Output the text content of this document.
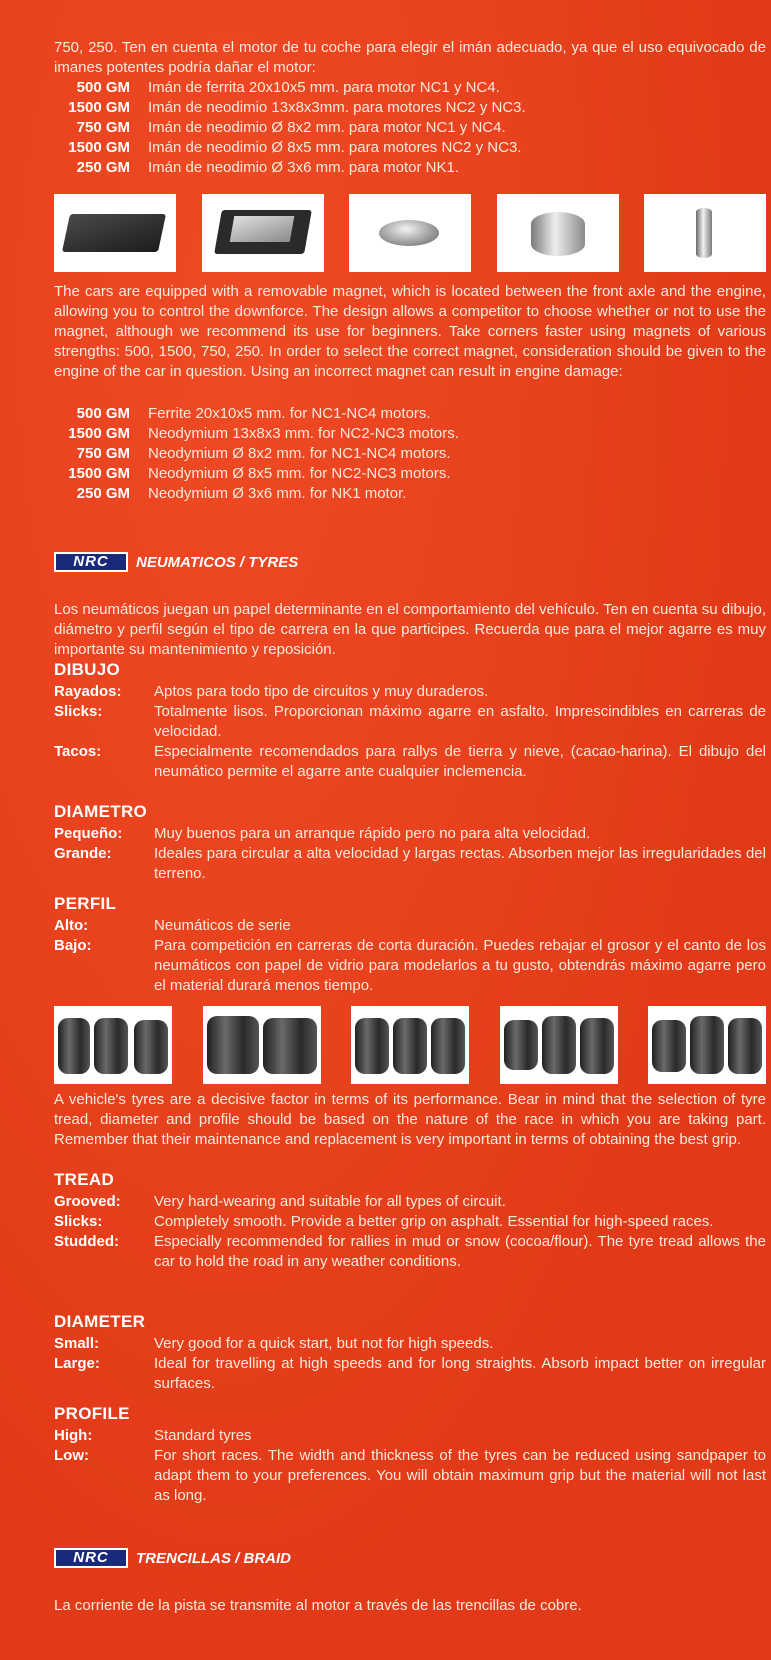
750, 250. Ten en cuenta el motor de tu coche para elegir el imán adecuado, ya que el uso equivocado de imanes potentes podría dañar el motor:

500 GM	Imán de ferrita 20x10x5 mm. para motor NC1 y NC4.
1500 GM	Imán de neodimio 13x8x3mm. para motores NC2 y NC3.
750 GM	Imán de neodimio Ø 8x2 mm. para motor NC1 y NC4.
1500 GM	Imán de neodimio Ø 8x5 mm. para motores NC2 y NC3.
250 GM	Imán de neodimio Ø 3x6 mm. para motor NK1.

The cars are equipped with a removable magnet, which is located between the front axle and the engine, allowing you to control the downforce. The design allows a competitor to choose whether or not to use the magnet, although we recommend its use for beginners. Take corners faster using magnets of various strengths: 500, 1500, 750, 250. In order to select the correct magnet, consideration should be given to the engine of the car in question. Using an incorrect magnet can result in engine damage:

500 GM	Ferrite 20x10x5 mm. for NC1-NC4 motors.
1500 GM	Neodymium 13x8x3 mm. for NC2-NC3 motors.
750 GM	Neodymium Ø 8x2 mm. for NC1-NC4 motors.
1500 GM	Neodymium Ø 8x5 mm. for NC2-NC3 motors.
250 GM	Neodymium Ø 3x6 mm. for NK1 motor.
NRC	NEUMATICOS / TYRES

Los neumáticos juegan un papel determinante en el comportamiento del vehículo. Ten en cuenta su dibujo, diámetro y perfil según el tipo de carrera en la que participes. Recuerda que para el mejor agarre es muy importante su mantenimiento y reposición.

DIBUJO
Rayados:	Aptos para todo tipo de circuitos y muy duraderos.
Slicks:	Totalmente lisos. Proporcionan máximo agarre en asfalto. Imprescindibles en carreras de velocidad.
Tacos:	Especialmente recomendados para rallys de tierra y nieve, (cacao-harina). El dibujo del neumático permite el agarre ante cualquier inclemencia.
DIAMETRO
Pequeño:	Muy buenos para un arranque rápido pero no para alta velocidad.
Grande:	Ideales para circular a alta velocidad y largas rectas. Absorben mejor las irregularidades del terreno.
PERFIL
Alto:	Neumáticos de serie
Bajo:	Para competición en carreras de corta duración. Puedes rebajar el grosor y el canto de los neumáticos con papel de vidrio para modelarlos a tu gusto, obtendrás máximo agarre pero el material durará menos tiempo.

A vehicle's tyres are a decisive factor in terms of its performance. Bear in mind that the selection of tyre tread, diameter and profile should be based on the nature of the race in which you are taking part. Remember that their maintenance and replacement is very important in terms of obtaining the best grip.

TREAD
Grooved:	Very hard-wearing and suitable for all types of circuit.
Slicks:	Completely smooth. Provide a better grip on asphalt. Essential for high-speed races.
Studded:	Especially recommended for rallies in mud or snow (cocoa/flour). The tyre tread allows the car to hold the road in any weather conditions.
DIAMETER
Small:	Very good for a quick start, but not for high speeds.
Large:	Ideal for travelling at high speeds and for long straights. Absorb impact better on irregular surfaces.
PROFILE
High:	Standard tyres
Low:	For short races. The width and thickness of the tyres can be reduced using sandpaper to adapt them to your preferences. You will obtain maximum grip but the material will not last as long.
NRC	TRENCILLAS / BRAID

La corriente de la pista se transmite al motor a través de las trencillas de cobre.
